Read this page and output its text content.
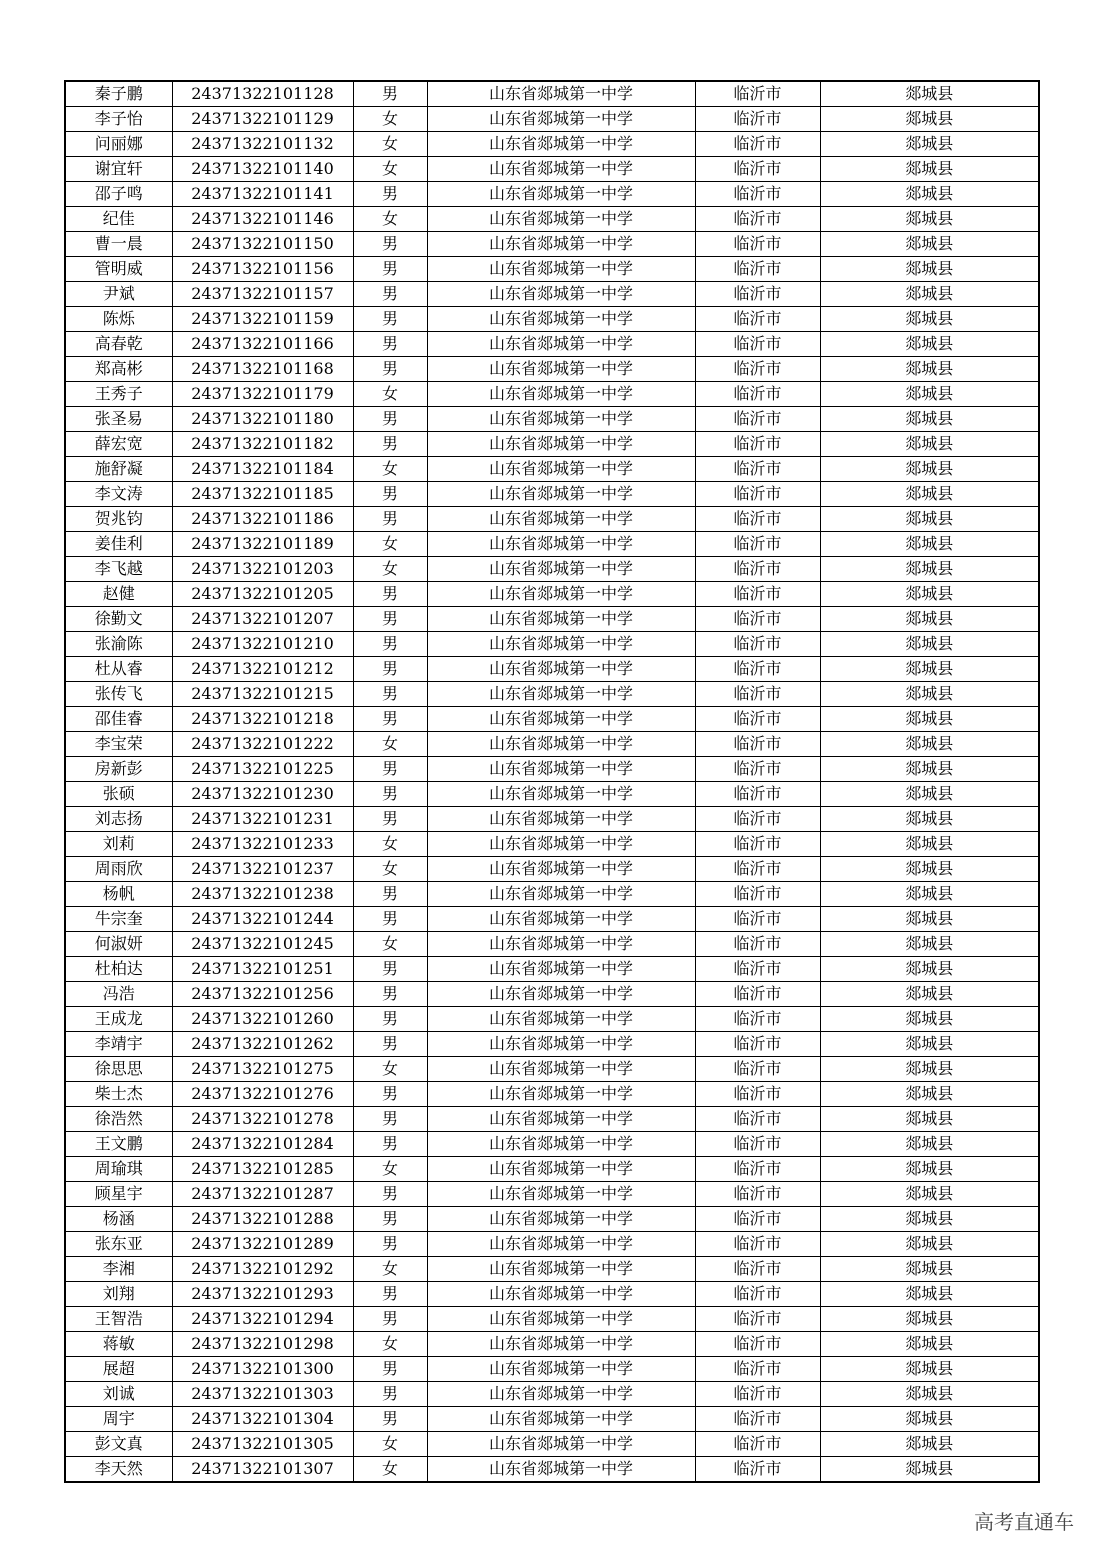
秦子鹏	24371322101128	男	山东省郯城第一中学	临沂市	郯城县
李子怡	24371322101129	女	山东省郯城第一中学	临沂市	郯城县
问丽娜	24371322101132	女	山东省郯城第一中学	临沂市	郯城县
谢宜轩	24371322101140	女	山东省郯城第一中学	临沂市	郯城县
邵子鸣	24371322101141	男	山东省郯城第一中学	临沂市	郯城县
纪佳	24371322101146	女	山东省郯城第一中学	临沂市	郯城县
曹一晨	24371322101150	男	山东省郯城第一中学	临沂市	郯城县
管明威	24371322101156	男	山东省郯城第一中学	临沂市	郯城县
尹斌	24371322101157	男	山东省郯城第一中学	临沂市	郯城县
陈烁	24371322101159	男	山东省郯城第一中学	临沂市	郯城县
高春乾	24371322101166	男	山东省郯城第一中学	临沂市	郯城县
郑高彬	24371322101168	男	山东省郯城第一中学	临沂市	郯城县
王秀子	24371322101179	女	山东省郯城第一中学	临沂市	郯城县
张圣易	24371322101180	男	山东省郯城第一中学	临沂市	郯城县
薛宏宽	24371322101182	男	山东省郯城第一中学	临沂市	郯城县
施舒凝	24371322101184	女	山东省郯城第一中学	临沂市	郯城县
李文涛	24371322101185	男	山东省郯城第一中学	临沂市	郯城县
贺兆钧	24371322101186	男	山东省郯城第一中学	临沂市	郯城县
姜佳利	24371322101189	女	山东省郯城第一中学	临沂市	郯城县
李飞越	24371322101203	女	山东省郯城第一中学	临沂市	郯城县
赵健	24371322101205	男	山东省郯城第一中学	临沂市	郯城县
徐勤文	24371322101207	男	山东省郯城第一中学	临沂市	郯城县
张渝陈	24371322101210	男	山东省郯城第一中学	临沂市	郯城县
杜从睿	24371322101212	男	山东省郯城第一中学	临沂市	郯城县
张传飞	24371322101215	男	山东省郯城第一中学	临沂市	郯城县
邵佳睿	24371322101218	男	山东省郯城第一中学	临沂市	郯城县
李宝荣	24371322101222	女	山东省郯城第一中学	临沂市	郯城县
房新彭	24371322101225	男	山东省郯城第一中学	临沂市	郯城县
张硕	24371322101230	男	山东省郯城第一中学	临沂市	郯城县
刘志扬	24371322101231	男	山东省郯城第一中学	临沂市	郯城县
刘莉	24371322101233	女	山东省郯城第一中学	临沂市	郯城县
周雨欣	24371322101237	女	山东省郯城第一中学	临沂市	郯城县
杨帆	24371322101238	男	山东省郯城第一中学	临沂市	郯城县
牛宗奎	24371322101244	男	山东省郯城第一中学	临沂市	郯城县
何淑妍	24371322101245	女	山东省郯城第一中学	临沂市	郯城县
杜柏达	24371322101251	男	山东省郯城第一中学	临沂市	郯城县
冯浩	24371322101256	男	山东省郯城第一中学	临沂市	郯城县
王成龙	24371322101260	男	山东省郯城第一中学	临沂市	郯城县
李靖宇	24371322101262	男	山东省郯城第一中学	临沂市	郯城县
徐思思	24371322101275	女	山东省郯城第一中学	临沂市	郯城县
柴士杰	24371322101276	男	山东省郯城第一中学	临沂市	郯城县
徐浩然	24371322101278	男	山东省郯城第一中学	临沂市	郯城县
王文鹏	24371322101284	男	山东省郯城第一中学	临沂市	郯城县
周瑜琪	24371322101285	女	山东省郯城第一中学	临沂市	郯城县
顾星宇	24371322101287	男	山东省郯城第一中学	临沂市	郯城县
杨涵	24371322101288	男	山东省郯城第一中学	临沂市	郯城县
张东亚	24371322101289	男	山东省郯城第一中学	临沂市	郯城县
李湘	24371322101292	女	山东省郯城第一中学	临沂市	郯城县
刘翔	24371322101293	男	山东省郯城第一中学	临沂市	郯城县
王智浩	24371322101294	男	山东省郯城第一中学	临沂市	郯城县
蒋敏	24371322101298	女	山东省郯城第一中学	临沂市	郯城县
展超	24371322101300	男	山东省郯城第一中学	临沂市	郯城县
刘诚	24371322101303	男	山东省郯城第一中学	临沂市	郯城县
周宇	24371322101304	男	山东省郯城第一中学	临沂市	郯城县
彭文真	24371322101305	女	山东省郯城第一中学	临沂市	郯城县
李天然	24371322101307	女	山东省郯城第一中学	临沂市	郯城县
高考直通车
